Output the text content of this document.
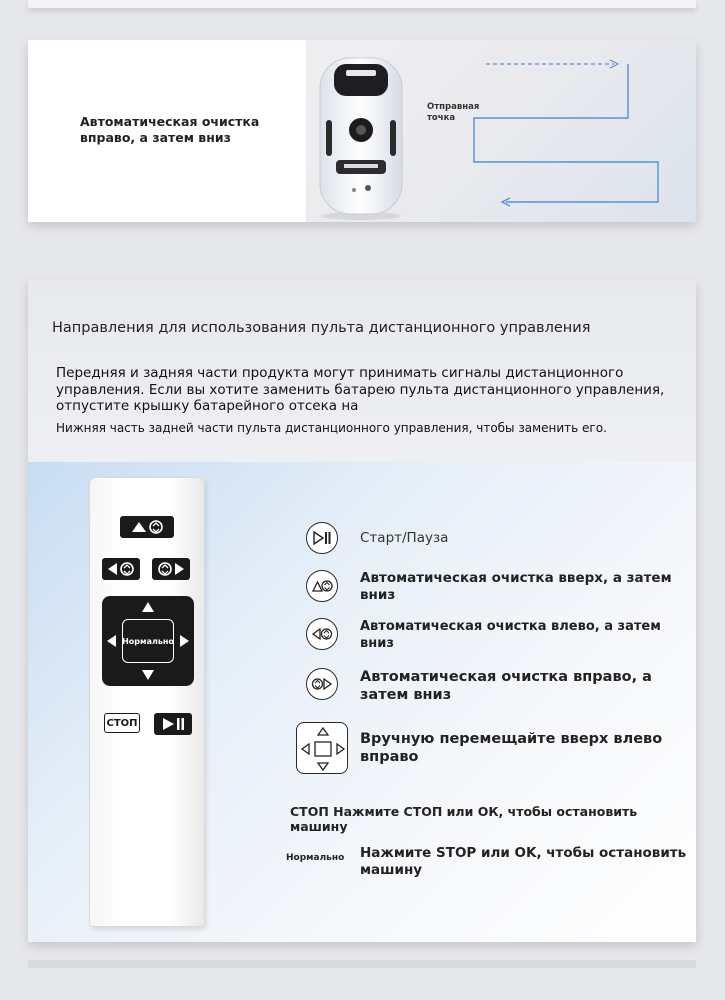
Автоматическая очистка вправо, а затем вниз
Отправная
точка
Направления для использования пульта дистанционного управления
Передняя и задняя части продукта могут принимать сигналы дистанционного управления. Если вы хотите заменить батарею пульта дистанционного управления, отпустите крышку батарейного отсека на
Нижняя часть задней части пульта дистанционного управления, чтобы заменить его.
Нормально
СТОП
Старт/Пауза
Автоматическая очистка вверх, а затем вниз
Автоматическая очистка влево, а затем вниз
Автоматическая очистка вправо, а затем вниз
Вручную перемещайте вверх влево вправо
СТОП Нажмите СТОП или ОК, чтобы остановить машину
Нормально Нажмите STOP или OK, чтобы остановить машину
